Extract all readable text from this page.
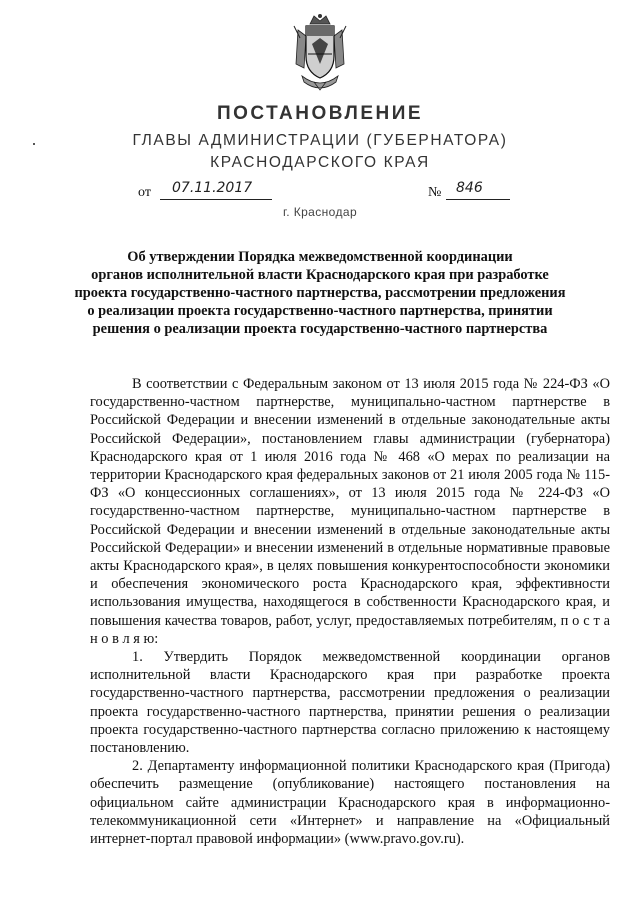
ПОСТАНОВЛЕНИЕ
ГЛАВЫ АДМИНИСТРАЦИИ (ГУБЕРНАТОРА)
КРАСНОДАРСКОГО КРАЯ
от 07.11.2017	№ 846
г. Краснодар
Об утверждении Порядка межведомственной координации
органов исполнительной власти Краснодарского края при разработке
проекта государственно-частного партнерства, рассмотрении предложения
о реализации проекта государственно-частного партнерства, принятии
решения о реализации проекта государственно-частного партнерства

В соответствии с Федеральным законом от 13 июля 2015 года № 224-ФЗ «О государственно-частном партнерстве, муниципально-частном партнерстве в Российской Федерации и внесении изменений в отдельные законодательные акты Российской Федерации», постановлением главы администрации (губернатора) Краснодарского края от 1 июля 2016 года № 468 «О мерах по реализации на территории Краснодарского края федеральных законов от 21 июля 2005 года № 115-ФЗ «О концессионных соглашениях», от 13 июля 2015 года № 224-ФЗ «О государственно-частном партнерстве, муниципально-частном партнерстве в Российской Федерации и внесении изменений в отдельные законодательные акты Российской Федерации» и внесении изменений в отдельные нормативные правовые акты Краснодарского края», в целях повышения конкурентоспособности экономики и обеспечения экономического роста Краснодарского края, эффективности использования имущества, находящегося в собственности Краснодарского края, и повышения качества товаров, работ, услуг, предоставляемых потребителям, п о с т а н о в л я ю:

1. Утвердить Порядок межведомственной координации органов исполнительной власти Краснодарского края при разработке проекта государственно-частного партнерства, рассмотрении предложения о реализации проекта государственно-частного партнерства, принятии решения о реализации проекта государственно-частного партнерства согласно приложению к настоящему постановлению.

2. Департаменту информационной политики Краснодарского края (Пригода) обеспечить размещение (опубликование) настоящего постановления на официальном сайте администрации Краснодарского края в информационно-телекоммуникационной сети «Интернет» и направление на «Официальный интернет-портал правовой информации» (www.pravo.gov.ru).
